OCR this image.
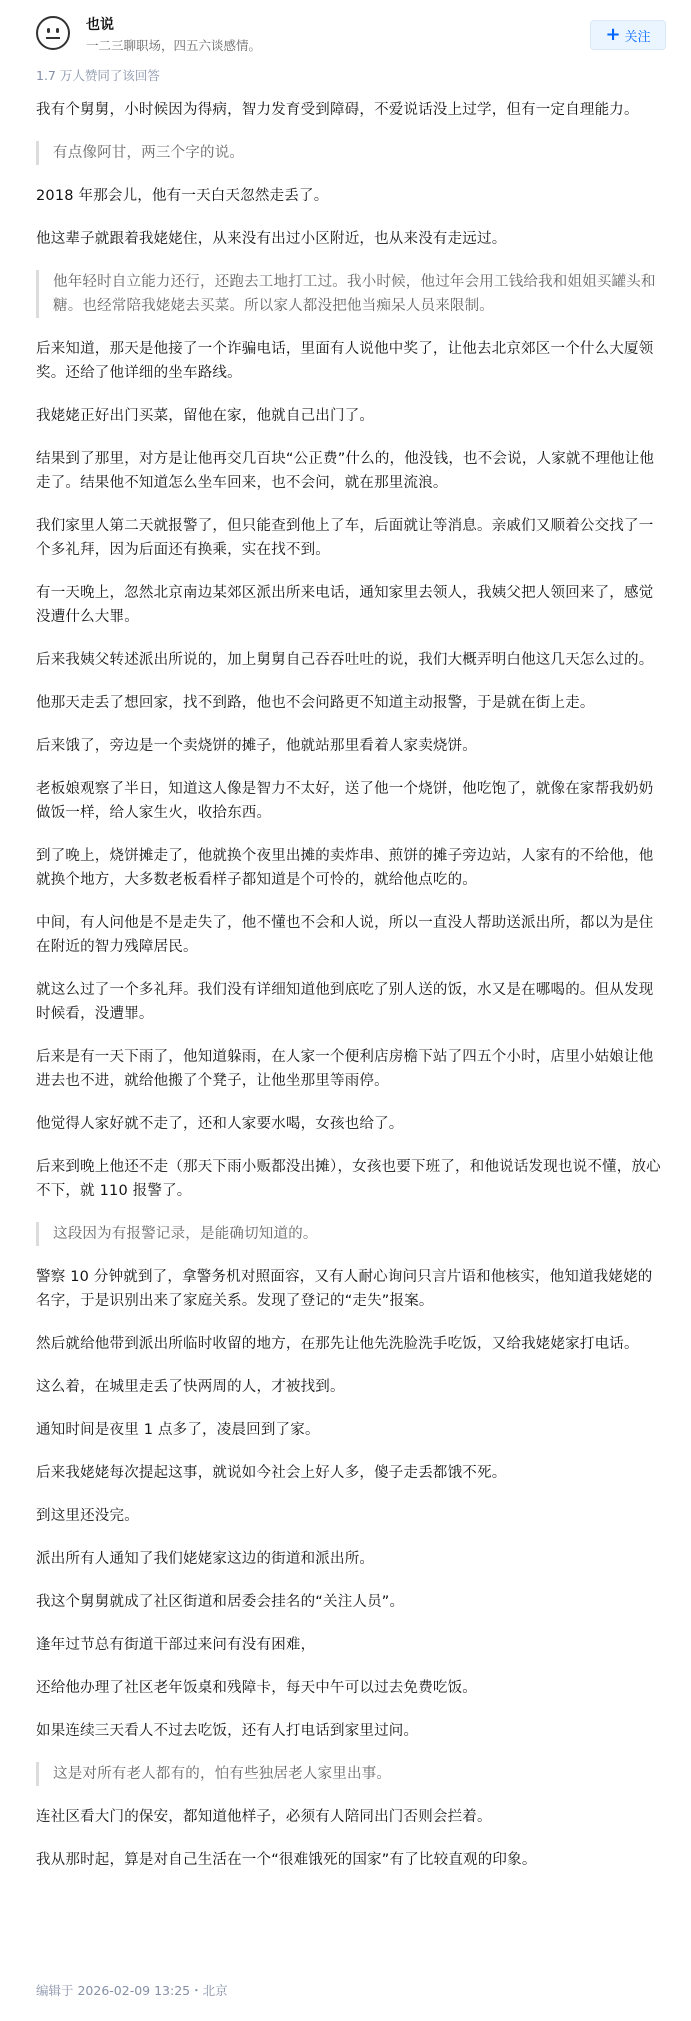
也说
一二三聊职场，四五六谈感情。
+ 关注
1.7 万人赞同了该回答
我有个舅舅，小时候因为得病，智力发育受到障碍，不爱说话没上过学，但有一定自理能力。
有点像阿甘，两三个字的说。
2018 年那会儿，他有一天白天忽然走丢了。
他这辈子就跟着我姥姥住，从来没有出过小区附近，也从来没有走远过。
他年轻时自立能力还行，还跑去工地打工过。我小时候，他过年会用工钱给我和姐姐买罐头和糖。也经常陪我姥姥去买菜。所以家人都没把他当痴呆人员来限制。
后来知道，那天是他接了一个诈骗电话，里面有人说他中奖了，让他去北京郊区一个什么大厦领奖。还给了他详细的坐车路线。
我姥姥正好出门买菜，留他在家，他就自己出门了。
结果到了那里，对方是让他再交几百块“公正费”什么的，他没钱，也不会说，人家就不理他让他走了。结果他不知道怎么坐车回来，也不会问，就在那里流浪。
我们家里人第二天就报警了，但只能查到他上了车，后面就让等消息。亲戚们又顺着公交找了一个多礼拜，因为后面还有换乘，实在找不到。
有一天晚上，忽然北京南边某郊区派出所来电话，通知家里去领人，我姨父把人领回来了，感觉没遭什么大罪。
后来我姨父转述派出所说的，加上舅舅自己吞吞吐吐的说，我们大概弄明白他这几天怎么过的。
他那天走丢了想回家，找不到路，他也不会问路更不知道主动报警，于是就在街上走。
后来饿了，旁边是一个卖烧饼的摊子，他就站那里看着人家卖烧饼。
老板娘观察了半日，知道这人像是智力不太好，送了他一个烧饼，他吃饱了，就像在家帮我奶奶做饭一样，给人家生火，收拾东西。
到了晚上，烧饼摊走了，他就换个夜里出摊的卖炸串、煎饼的摊子旁边站，人家有的不给他，他就换个地方，大多数老板看样子都知道是个可怜的，就给他点吃的。
中间，有人问他是不是走失了，他不懂也不会和人说，所以一直没人帮助送派出所，都以为是住在附近的智力残障居民。
就这么过了一个多礼拜。我们没有详细知道他到底吃了别人送的饭，水又是在哪喝的。但从发现时候看，没遭罪。
后来是有一天下雨了，他知道躲雨，在人家一个便利店房檐下站了四五个小时，店里小姑娘让他进去也不进，就给他搬了个凳子，让他坐那里等雨停。
他觉得人家好就不走了，还和人家要水喝，女孩也给了。
后来到晚上他还不走（那天下雨小贩都没出摊），女孩也要下班了，和他说话发现也说不懂，放心不下，就 110 报警了。
这段因为有报警记录，是能确切知道的。
警察 10 分钟就到了，拿警务机对照面容，又有人耐心询问只言片语和他核实，他知道我姥姥的名字，于是识别出来了家庭关系。发现了登记的“走失”报案。
然后就给他带到派出所临时收留的地方，在那先让他先洗脸洗手吃饭，又给我姥姥家打电话。
这么着，在城里走丢了快两周的人，才被找到。
通知时间是夜里 1 点多了，凌晨回到了家。
后来我姥姥每次提起这事，就说如今社会上好人多，傻子走丢都饿不死。
到这里还没完。
派出所有人通知了我们姥姥家这边的街道和派出所。
我这个舅舅就成了社区街道和居委会挂名的“关注人员”。
逢年过节总有街道干部过来问有没有困难，
还给他办理了社区老年饭桌和残障卡，每天中午可以过去免费吃饭。
如果连续三天看人不过去吃饭，还有人打电话到家里过问。
这是对所有老人都有的，怕有些独居老人家里出事。
连社区看大门的保安，都知道他样子，必须有人陪同出门否则会拦着。
我从那时起，算是对自己生活在一个“很难饿死的国家”有了比较直观的印象。
编辑于 2026-02-09 13:25・北京
